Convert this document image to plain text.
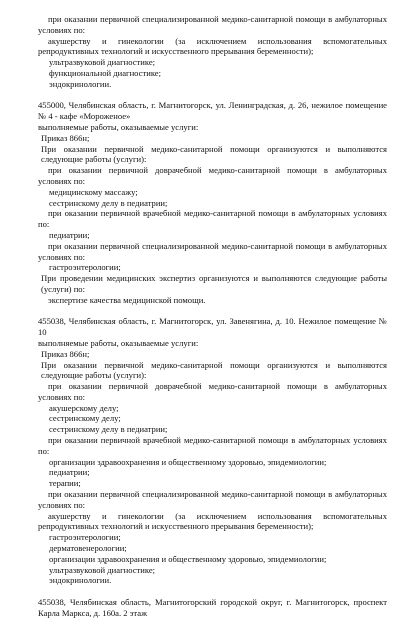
при оказании первичной специализированной медико-санитарной помощи в амбулаторных условиях по:
акушерству и гинекологии (за исключением использования вспомогательных репродуктивных технологий и искусственного прерывания беременности);
ультразвуковой диагностике;
функциональной диагностике;
эндокринологии.
455000, Челябинская область, г. Магнитогорск, ул. Ленинградская, д. 26, нежилое помещение № 4 - кафе «Мороженое»
выполняемые работы, оказываемые услуги:
Приказ 866н;
При оказании первичной медико-санитарной помощи организуются и выполняются следующие работы (услуги):
при оказании первичной доврачебной медико-санитарной помощи в амбулаторных условиях по:
медицинскому массажу;
сестринскому делу в педиатрии;
при оказании первичной врачебной медико-санитарной помощи в амбулаторных условиях по:
педиатрии;
при оказании первичной специализированной медико-санитарной помощи в амбулаторных условиях по:
гастроэнтерологии;
При проведении медицинских экспертиз организуются и выполняются следующие работы (услуги) по:
экспертизе качества медицинской помощи.
455038, Челябинская область, г. Магнитогорск, ул. Завенягина, д. 10. Нежилое помещение № 10
выполняемые работы, оказываемые услуги:
Приказ 866н;
При оказании первичной медико-санитарной помощи организуются и выполняются следующие работы (услуги):
при оказании первичной доврачебной медико-санитарной помощи в амбулаторных условиях по:
акушерскому делу;
сестринскому делу;
сестринскому делу в педиатрии;
при оказании первичной врачебной медико-санитарной помощи в амбулаторных условиях по:
организации здравоохранения и общественному здоровью, эпидемиологии;
педиатрии;
терапии;
при оказании первичной специализированной медико-санитарной помощи в амбулаторных условиях по:
акушерству и гинекологии (за исключением использования вспомогательных репродуктивных технологий и искусственного прерывания беременности);
гастроэнтерологии;
дерматовенерологии;
организации здравоохранения и общественному здоровью, эпидемиологии;
ультразвуковой диагностике;
эндокринологии.
455038, Челябинская область, Магнитогорский городской округ, г. Магнитогорск, проспект Карла Маркса, д. 160а. 2 этаж
